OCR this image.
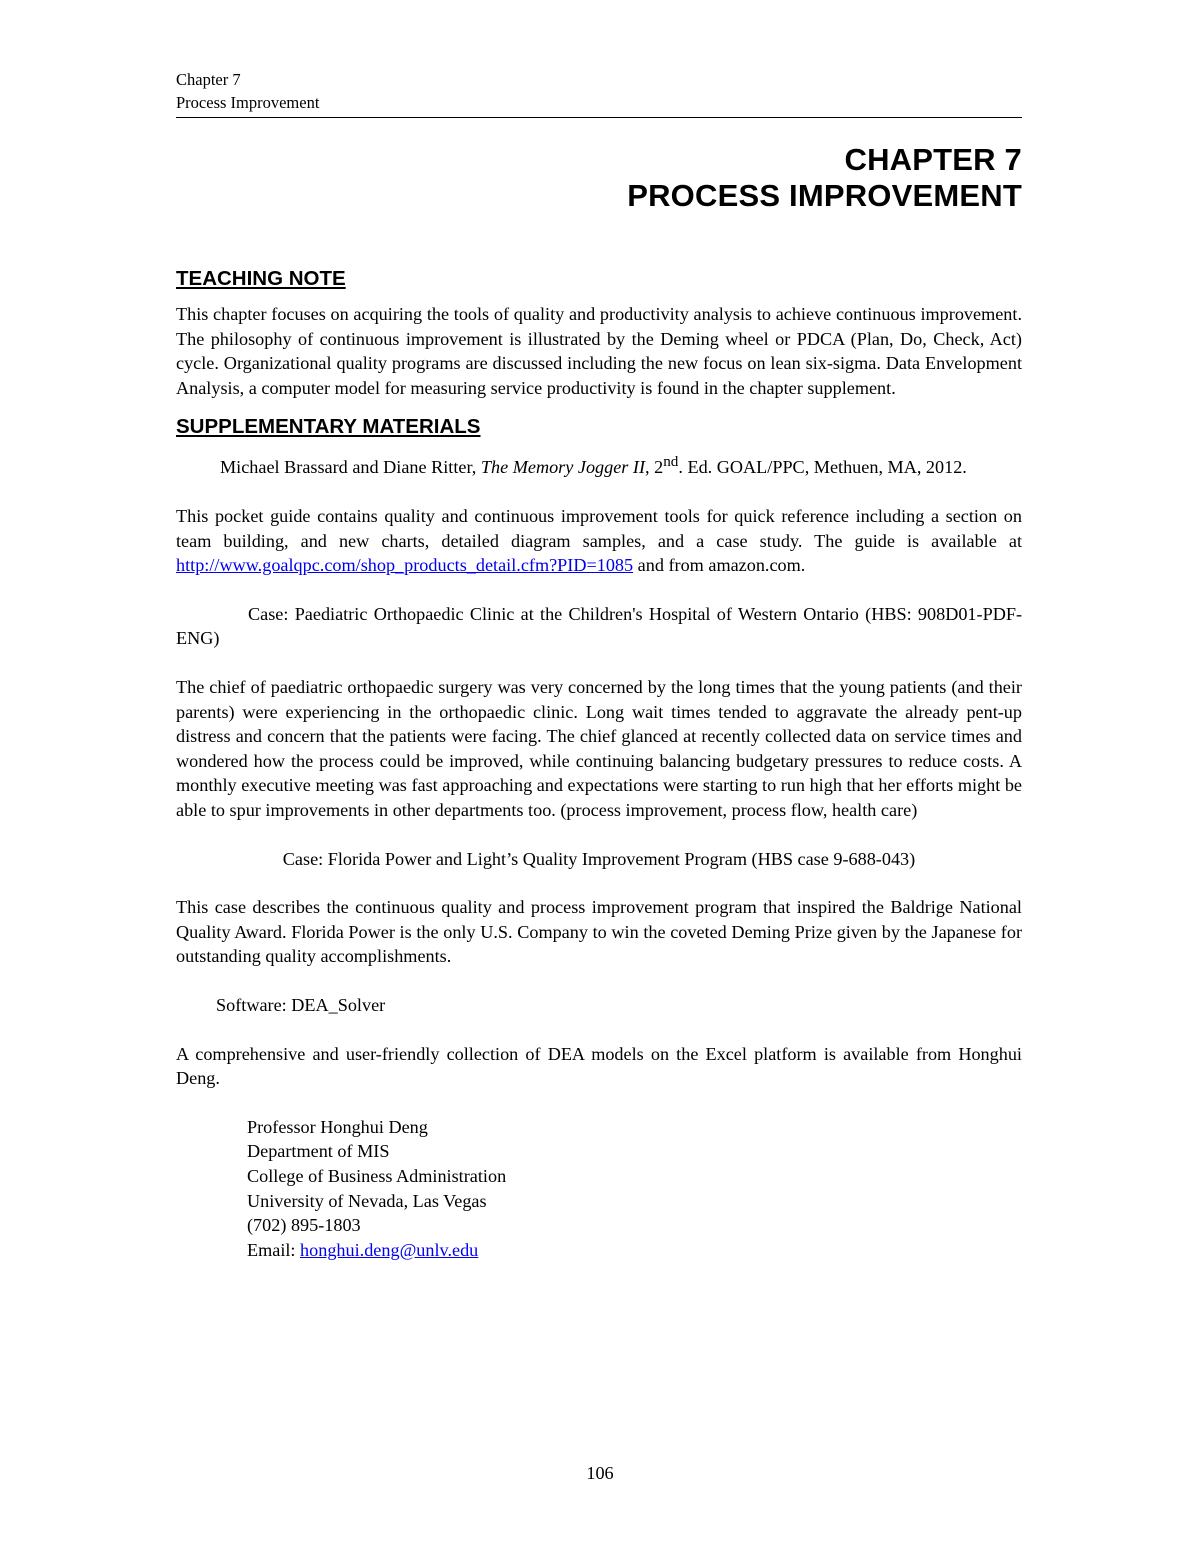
Chapter 7
Process Improvement
CHAPTER 7
PROCESS IMPROVEMENT
TEACHING NOTE

This chapter focuses on acquiring the tools of quality and productivity analysis to achieve continuous improvement. The philosophy of continuous improvement is illustrated by the Deming wheel or PDCA (Plan, Do, Check, Act) cycle. Organizational quality programs are discussed including the new focus on lean six-sigma. Data Envelopment Analysis, a computer model for measuring service productivity is found in the chapter supplement.

SUPPLEMENTARY MATERIALS

Michael Brassard and Diane Ritter, The Memory Jogger II, 2nd. Ed. GOAL/PPC, Methuen, MA, 2012.

This pocket guide contains quality and continuous improvement tools for quick reference including a section on team building, and new charts, detailed diagram samples, and a case study. The guide is available at http://www.goalqpc.com/shop_products_detail.cfm?PID=1085 and from amazon.com.

Case: Paediatric Orthopaedic Clinic at the Children's Hospital of Western Ontario (HBS: 908D01-PDF-ENG)

The chief of paediatric orthopaedic surgery was very concerned by the long times that the young patients (and their parents) were experiencing in the orthopaedic clinic. Long wait times tended to aggravate the already pent-up distress and concern that the patients were facing. The chief glanced at recently collected data on service times and wondered how the process could be improved, while continuing balancing budgetary pressures to reduce costs. A monthly executive meeting was fast approaching and expectations were starting to run high that her efforts might be able to spur improvements in other departments too. (process improvement, process flow, health care)

Case: Florida Power and Light’s Quality Improvement Program (HBS case 9-688-043)

This case describes the continuous quality and process improvement program that inspired the Baldrige National Quality Award. Florida Power is the only U.S. Company to win the coveted Deming Prize given by the Japanese for outstanding quality accomplishments.

Software: DEA_Solver

A comprehensive and user-friendly collection of DEA models on the Excel platform is available from Honghui Deng.

Professor Honghui Deng
Department of MIS
College of Business Administration
University of Nevada, Las Vegas
(702) 895-1803
Email: honghui.deng@unlv.edu
106
